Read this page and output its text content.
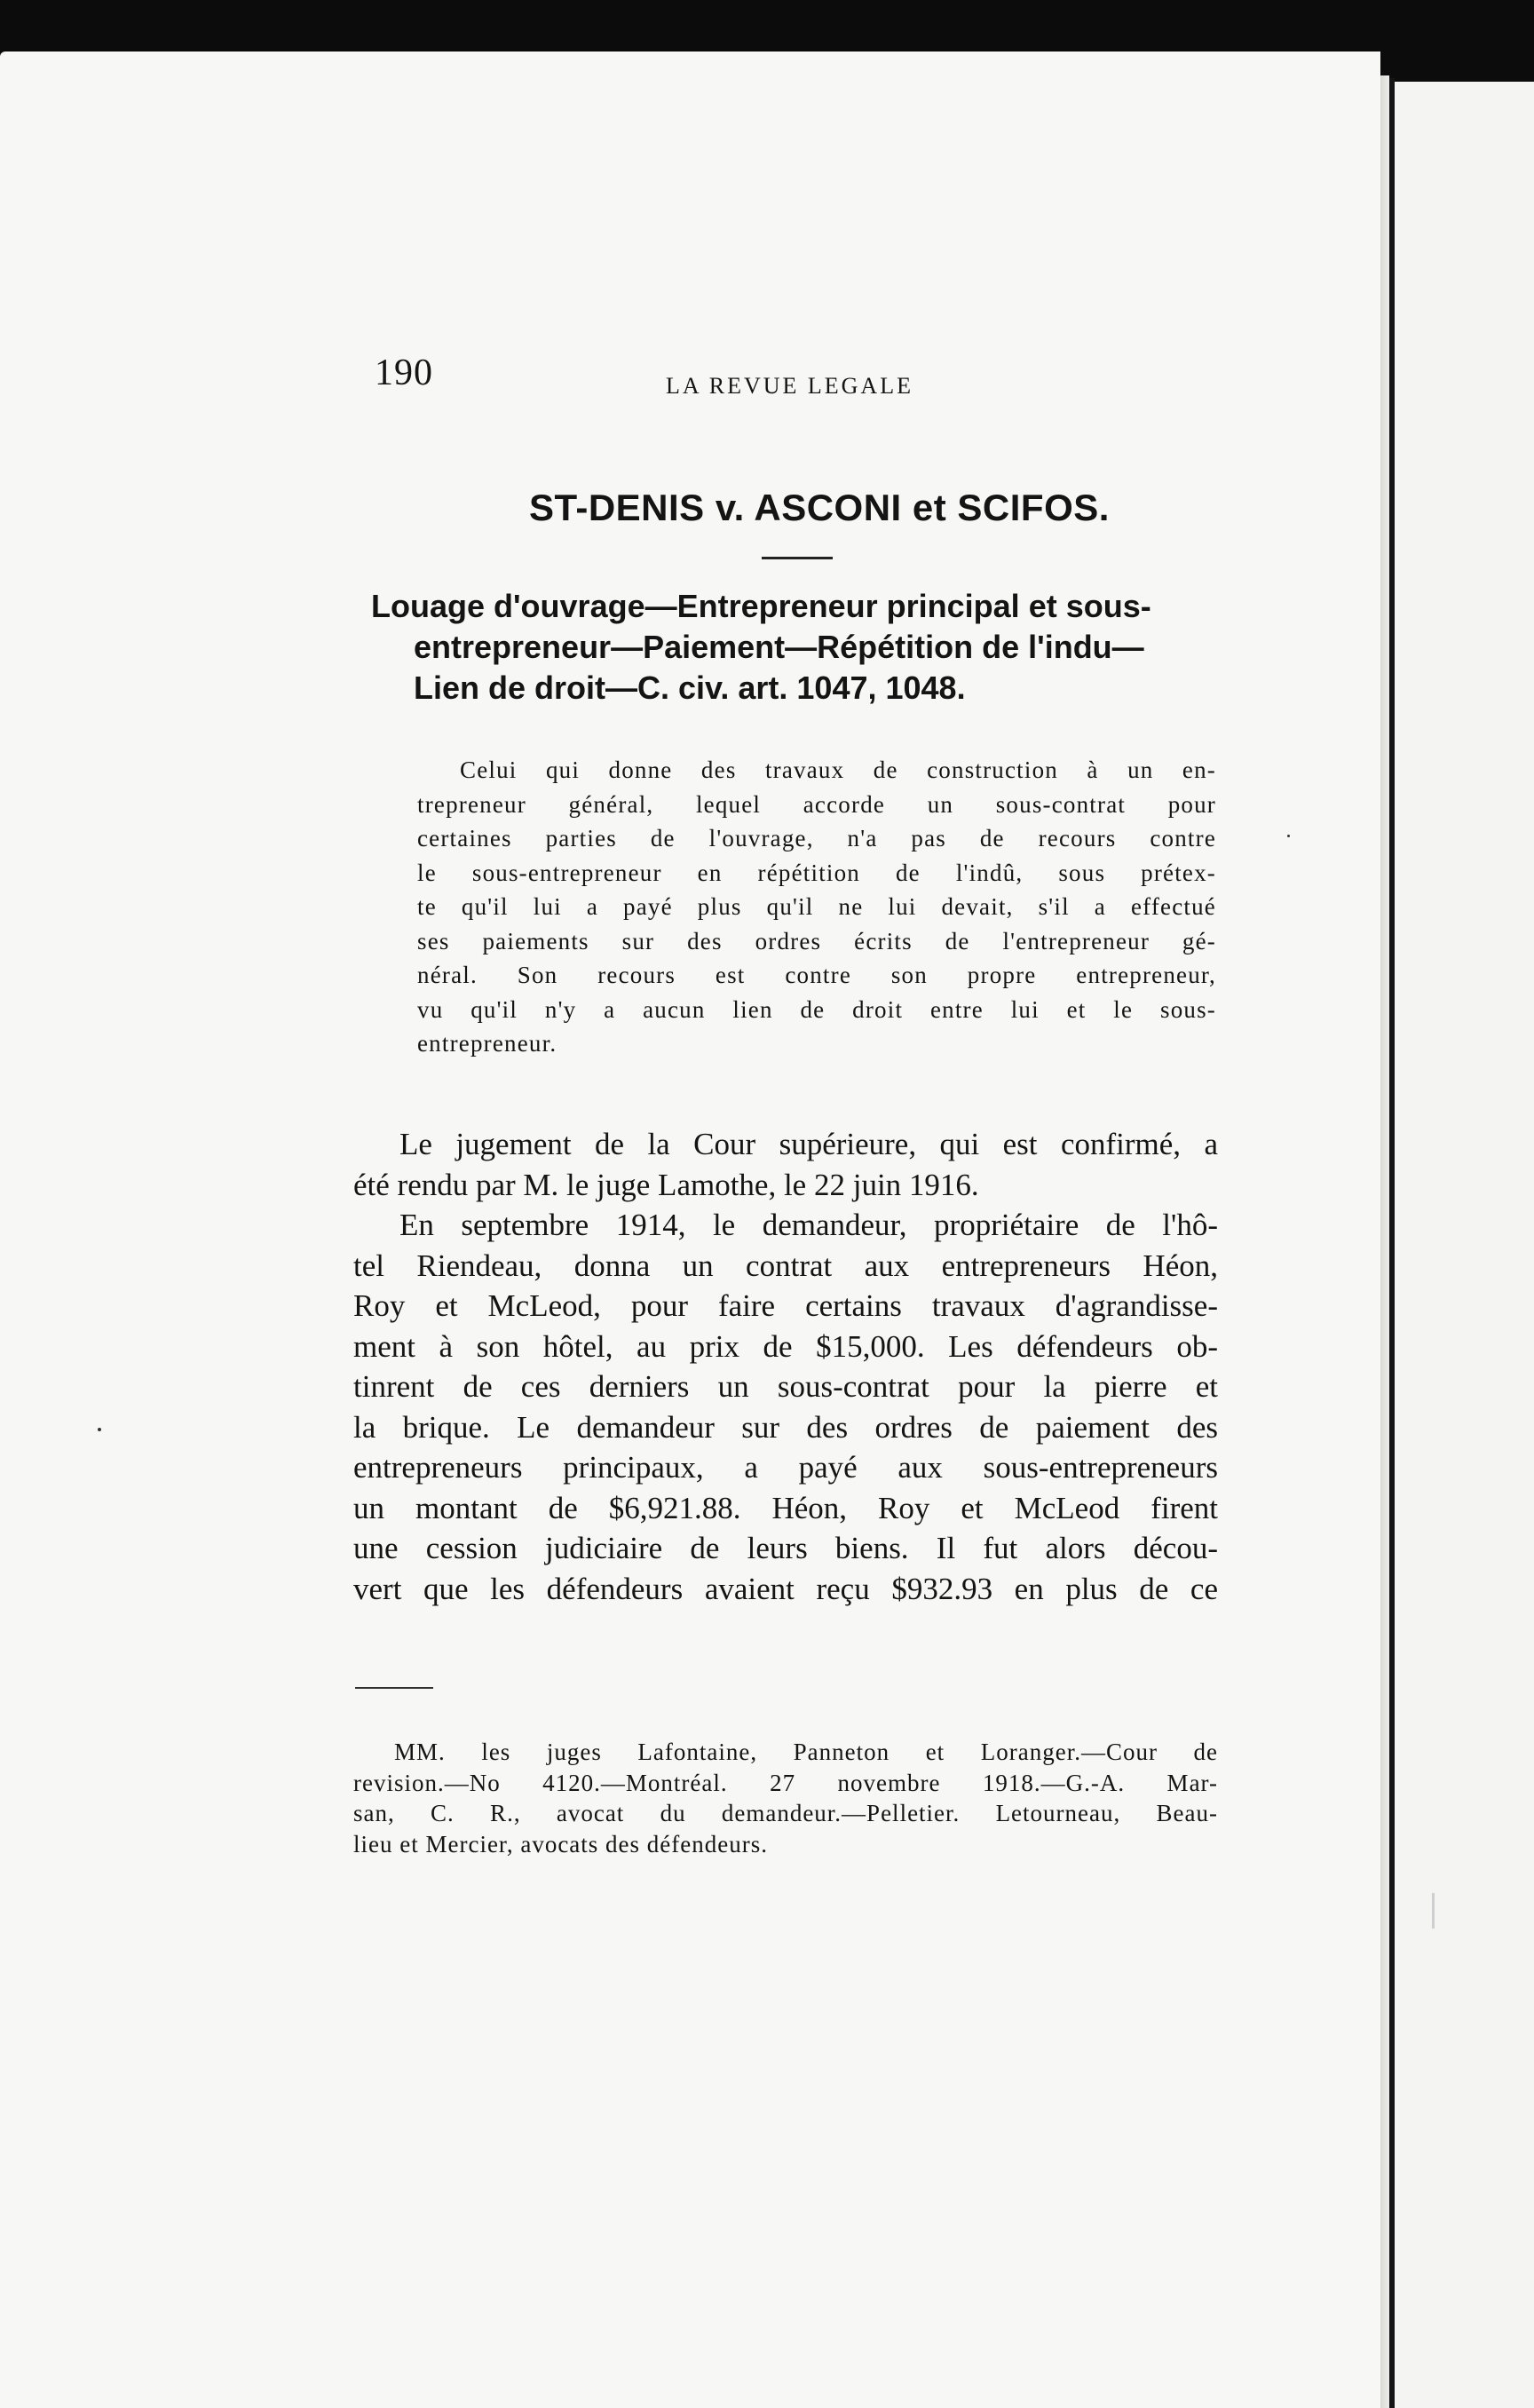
190	LA REVUE LEGALE
ST-DENIS v. ASCONI et SCIFOS.
Louage d'ouvrage—Entrepreneur principal et sous-
entrepreneur—Paiement—Répétition de l'indu—
Lien de droit—C. civ. art. 1047, 1048.
Celui qui donne des travaux de construction à un en-
trepreneur général, lequel accorde un sous-contrat pour
certaines parties de l'ouvrage, n'a pas de recours contre
le sous-entrepreneur en répétition de l'indû, sous prétex-
te qu'il lui a payé plus qu'il ne lui devait, s'il a effectué
ses paiements sur des ordres écrits de l'entrepreneur gé-
néral. Son recours est contre son propre entrepreneur,
vu qu'il n'y a aucun lien de droit entre lui et le sous-
entrepreneur.
Le jugement de la Cour supérieure, qui est confirmé, a
été rendu par M. le juge Lamothe, le 22 juin 1916.
En septembre 1914, le demandeur, propriétaire de l'hô-
tel Riendeau, donna un contrat aux entrepreneurs Héon,
Roy et McLeod, pour faire certains travaux d'agrandisse-
ment à son hôtel, au prix de $15,000. Les défendeurs ob-
tinrent de ces derniers un sous-contrat pour la pierre et
la brique. Le demandeur sur des ordres de paiement des
entrepreneurs principaux, a payé aux sous-entrepreneurs
un montant de $6,921.88. Héon, Roy et McLeod firent
une cession judiciaire de leurs biens. Il fut alors décou-
vert que les défendeurs avaient reçu $932.93 en plus de ce
MM. les juges Lafontaine, Panneton et Loranger.—Cour de
revision.—No 4120.—Montréal. 27 novembre 1918.—G.-A. Mar-
san, C. R., avocat du demandeur.—Pelletier. Letourneau, Beau-
lieu et Mercier, avocats des défendeurs.
